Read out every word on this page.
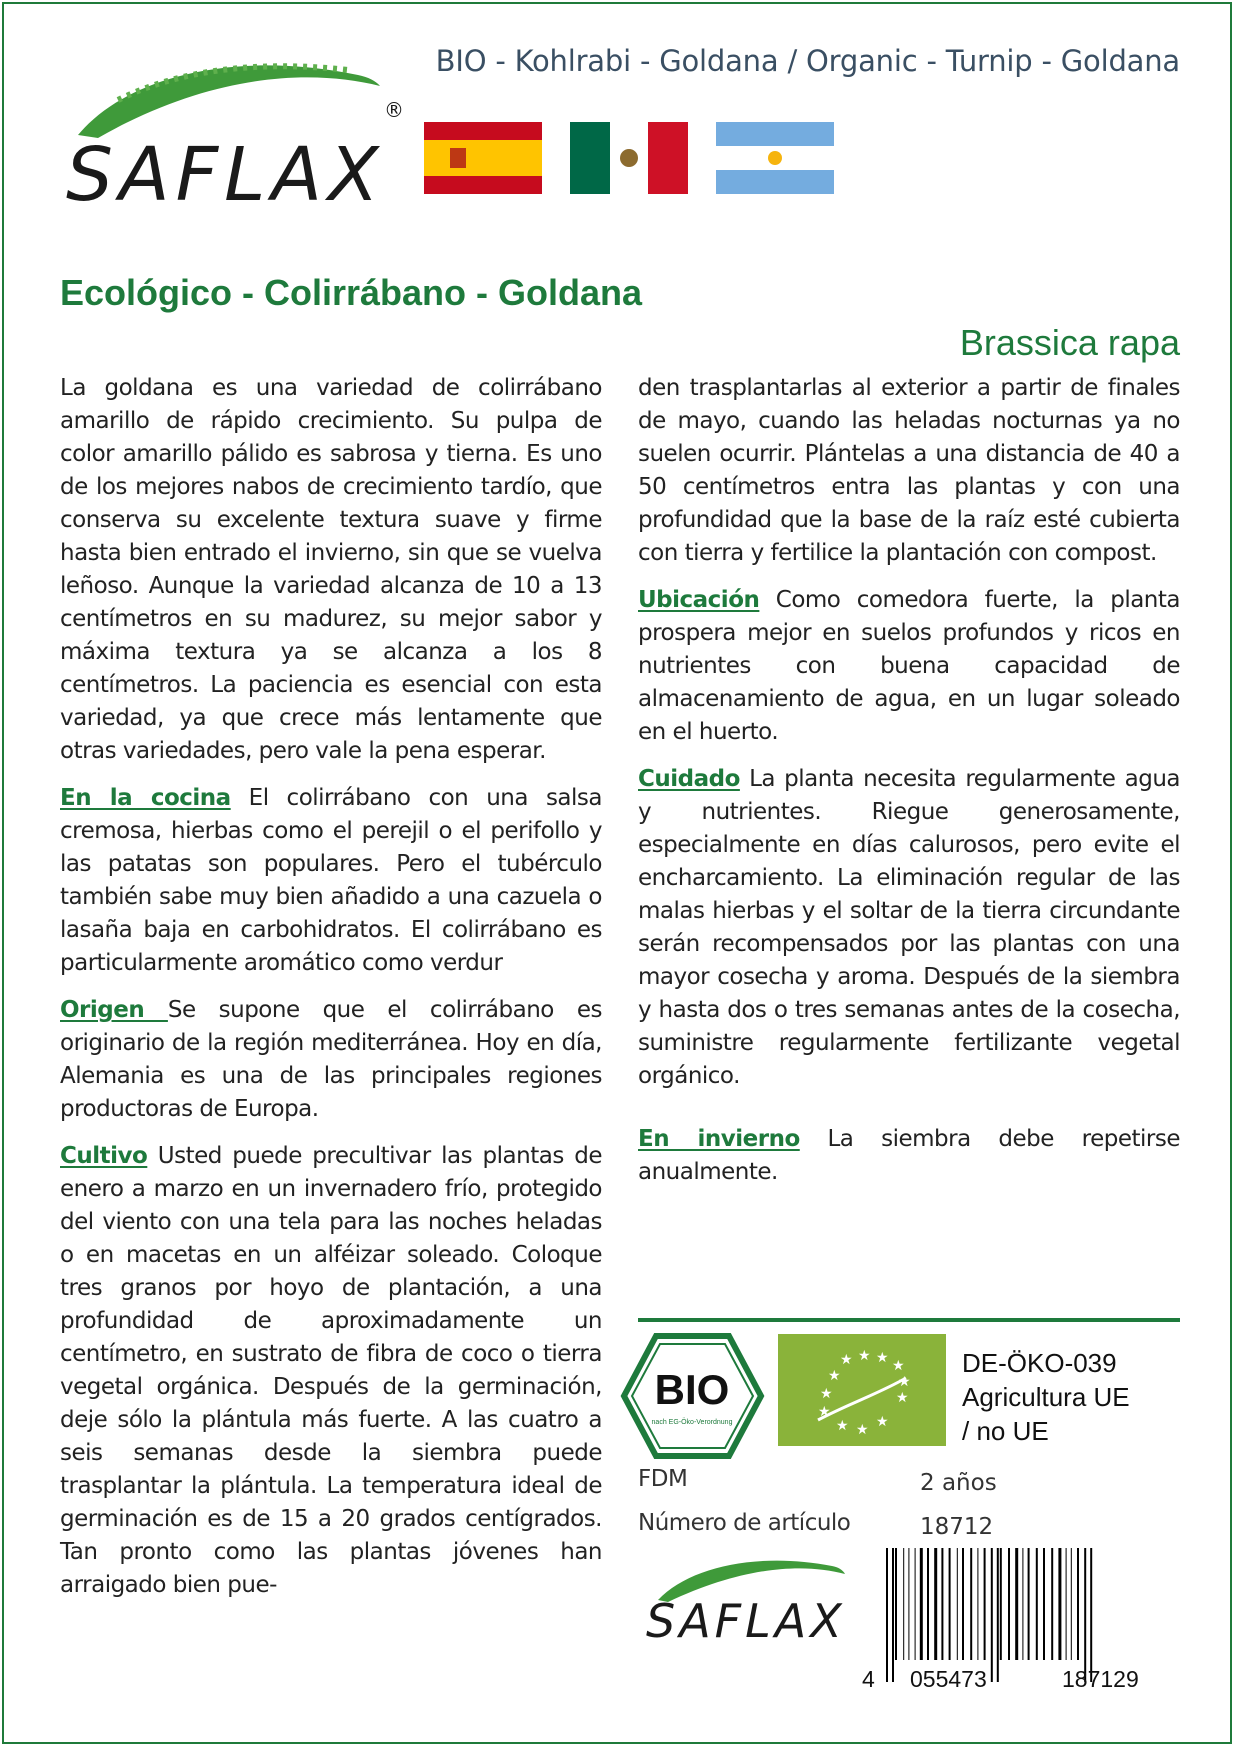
SAFLAX
®
BIO - Kohlrabi - Goldana / Organic - Turnip - Goldana
Ecológico - Colirrábano - Goldana
Brassica rapa

La goldana es una variedad de colirrábano amarillo de rápido crecimiento. Su pulpa de color amarillo pálido es sabrosa y tierna. Es uno de los mejores nabos de crecimiento tardío, que conserva su excelente textura suave y firme hasta bien entrado el invierno, sin que se vuelva leñoso. Aunque la variedad alcanza de 10 a 13 centímetros en su madurez, su mejor sabor y máxima textura ya se alcanza a los 8 centímetros. La paciencia es esencial con esta variedad, ya que crece más lentamente que otras variedades, pero vale la pena esperar.

En la cocina El colirrábano con una salsa cremosa, hierbas como el perejil o el perifollo y las patatas son populares. Pero el tubérculo también sabe muy bien añadido a una cazuela o lasaña baja en carbohidratos. El colirrábano es particularmente aromático como verdur

Origen Se supone que el colirrábano es originario de la región mediterránea. Hoy en día, Alemania es una de las principales regiones productoras de Europa.

Cultivo Usted puede precultivar las plantas de enero a marzo en un invernadero frío, protegido del viento con una tela para las noches heladas o en macetas en un alféizar soleado. Coloque tres granos por hoyo de plantación, a una profundidad de aproximadamente un centímetro, en sustrato de fibra de coco o tierra vegetal orgánica. Después de la germinación, deje sólo la plántula más fuerte. A las cuatro a seis semanas desde la siembra puede trasplantar la plántula. La temperatura ideal de germinación es de 15 a 20 grados centígrados. Tan pronto como las plantas jóvenes han arraigado bien pue-

den trasplantarlas al exterior a partir de finales de mayo, cuando las heladas nocturnas ya no suelen ocurrir. Plántelas a una distancia de 40 a 50 centímetros entra las plantas y con una profundidad que la base de la raíz esté cubierta con tierra y fertilice la plantación con compost.

Ubicación Como comedora fuerte, la planta prospera mejor en suelos profundos y ricos en nutrientes con buena capacidad de almacenamiento de agua, en un lugar soleado en el huerto.

Cuidado La planta necesita regularmente agua y nutrientes. Riegue generosamente, especialmente en días calurosos, pero evite el encharcamiento. La eliminación regular de las malas hierbas y el soltar de la tierra circundante serán recompensados por las plantas con una mayor cosecha y aroma. Después de la siembra y hasta dos o tres semanas antes de la cosecha, suministre regularmente fertilizante vegetal orgánico.

En invierno La siembra debe repetirse anualmente.

BIO
nach EG-Öko-Verordnung
★ ★ ★ ★
★
★
★
★
★
★ ★ ★
DE-ÖKO-039
Agricultura UE
/ no UE
FDM	2 años
Número de artículo	18712
SAFLAX
4 055473	187129
